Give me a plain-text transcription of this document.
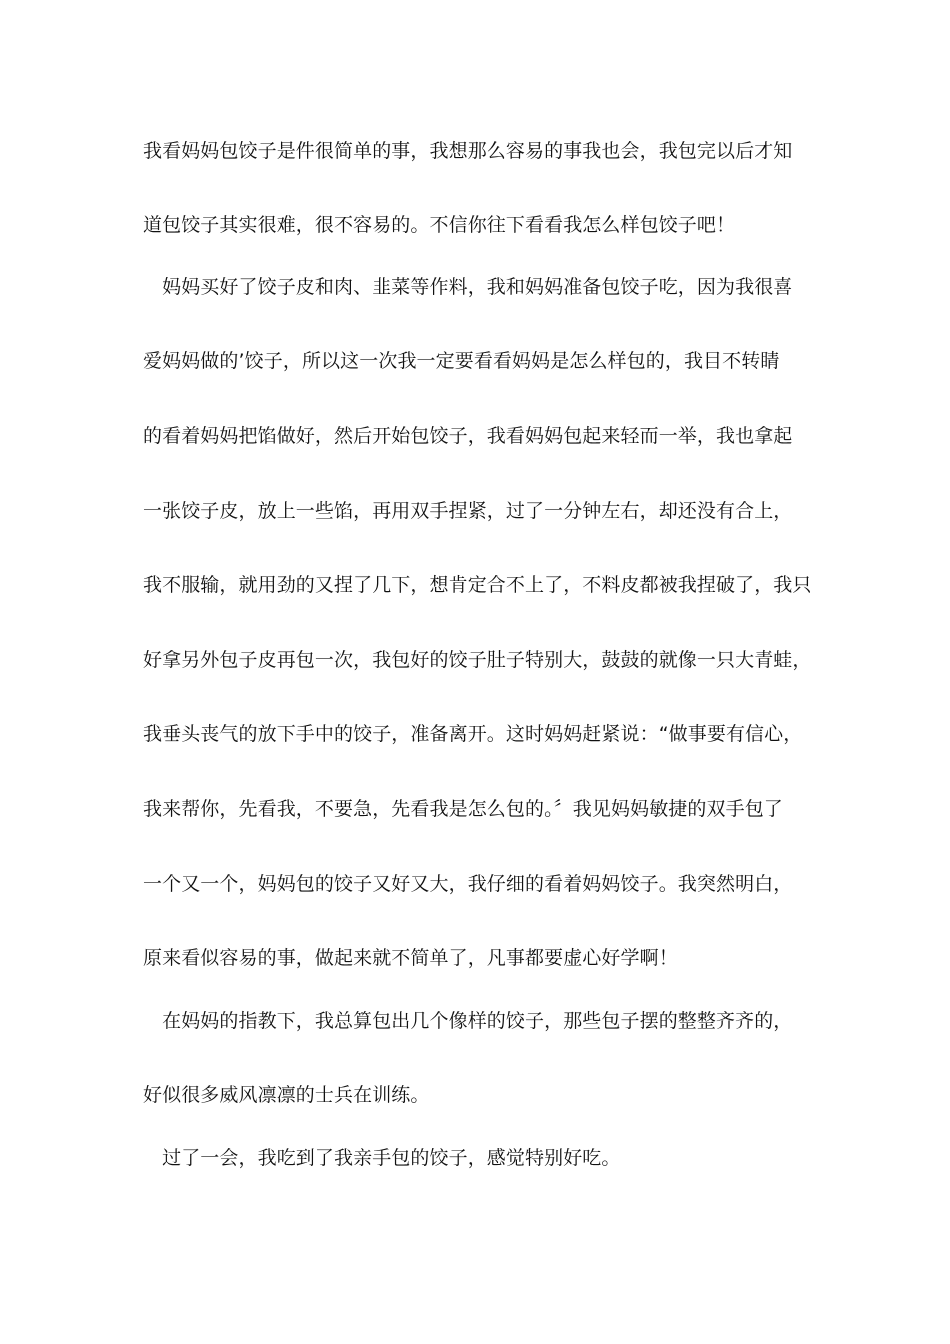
我看妈妈包饺子是件很简单的事，我想那么容易的事我也会，我包完以后才知
道包饺子其实很难，很不容易的。不信你往下看看我怎么样包饺子吧！
　妈妈买好了饺子皮和肉、韭菜等作料，我和妈妈准备包饺子吃，因为我很喜
爱妈妈做的’饺子，所以这一次我一定要看看妈妈是怎么样包的，我目不转睛
的看着妈妈把馅做好，然后开始包饺子，我看妈妈包起来轻而一举，我也拿起
一张饺子皮，放上一些馅，再用双手捏紧，过了一分钟左右，却还没有合上，
我不服输，就用劲的又捏了几下，想肯定合不上了，不料皮都被我捏破了，我只
好拿另外包子皮再包一次，我包好的饺子肚子特别大，鼓鼓的就像一只大青蛙，
我垂头丧气的放下手中的饺子，准备离开。这时妈妈赶紧说：“做事要有信心，
我来帮你，先看我，不要急，先看我是怎么包的。〞我见妈妈敏捷的双手包了
一个又一个，妈妈包的饺子又好又大，我仔细的看着妈妈饺子。我突然明白，
原来看似容易的事，做起来就不简单了，凡事都要虚心好学啊！
　在妈妈的指教下，我总算包出几个像样的饺子，那些包子摆的整整齐齐的，
好似很多威风凛凛的士兵在训练。
　过了一会，我吃到了我亲手包的饺子，感觉特别好吃。
